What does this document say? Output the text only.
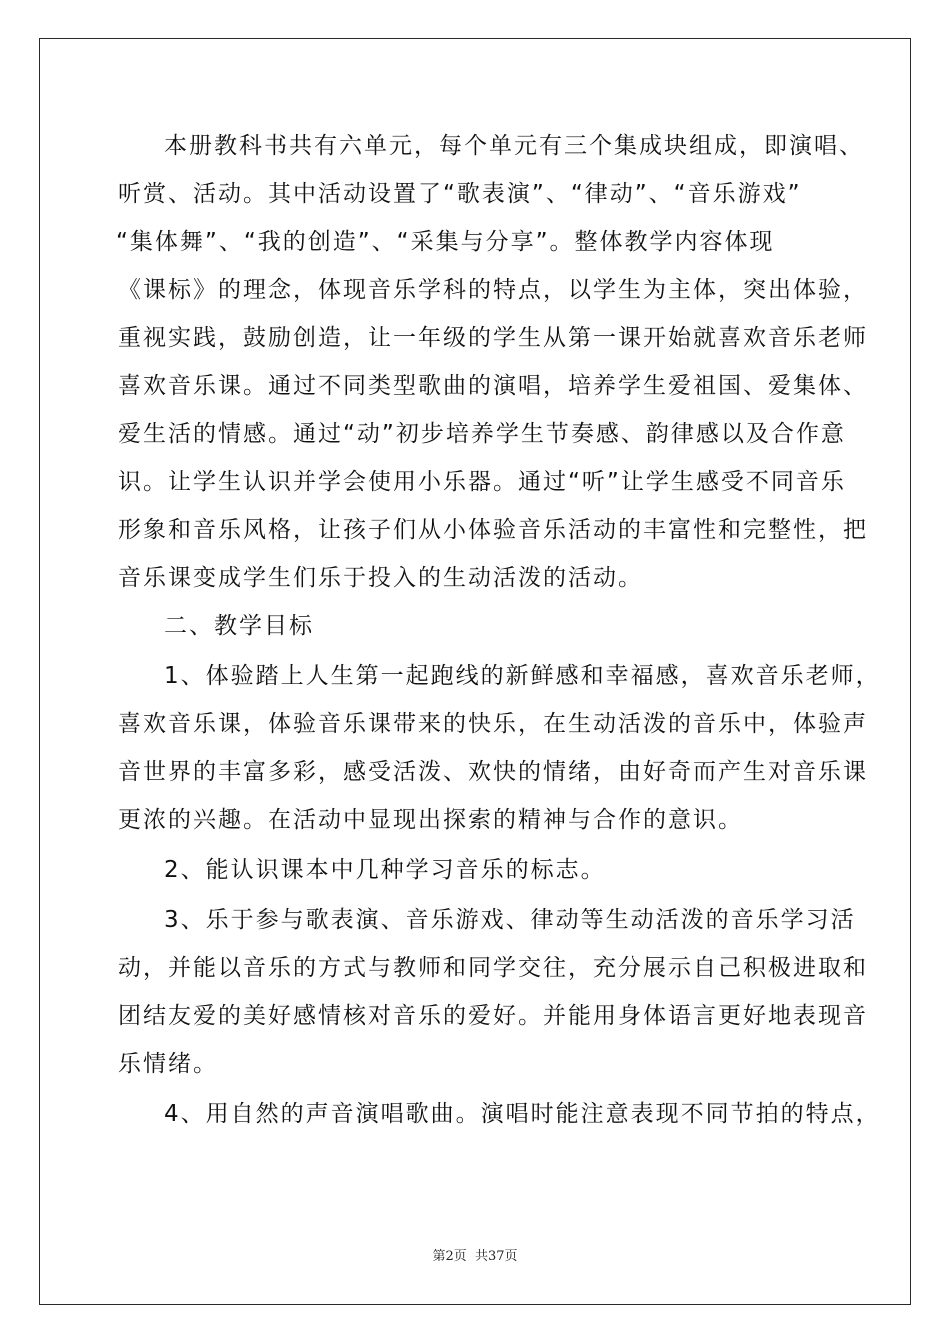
本册教科书共有六单元，每个单元有三个集成块组成，即演唱、
听赏、活动。其中活动设置了“歌表演”、“律动”、“音乐游戏”
“集体舞”、“我的创造”、“采集与分享”。整体教学内容体现
《课标》的理念，体现音乐学科的特点，以学生为主体，突出体验，
重视实践，鼓励创造，让一年级的学生从第一课开始就喜欢音乐老师
喜欢音乐课。通过不同类型歌曲的演唱，培养学生爱祖国、爱集体、
爱生活的情感。通过“动”初步培养学生节奏感、韵律感以及合作意
识。让学生认识并学会使用小乐器。通过“听”让学生感受不同音乐
形象和音乐风格，让孩子们从小体验音乐活动的丰富性和完整性，把
音乐课变成学生们乐于投入的生动活泼的活动。
二、教学目标
1、体验踏上人生第一起跑线的新鲜感和幸福感，喜欢音乐老师，
喜欢音乐课，体验音乐课带来的快乐，在生动活泼的音乐中，体验声
音世界的丰富多彩，感受活泼、欢快的情绪，由好奇而产生对音乐课
更浓的兴趣。在活动中显现出探索的精神与合作的意识。
2、能认识课本中几种学习音乐的标志。
3、乐于参与歌表演、音乐游戏、律动等生动活泼的音乐学习活
动，并能以音乐的方式与教师和同学交往，充分展示自己积极进取和
团结友爱的美好感情核对音乐的爱好。并能用身体语言更好地表现音
乐情绪。
4、用自然的声音演唱歌曲。演唱时能注意表现不同节拍的特点，
第2页 共37页
